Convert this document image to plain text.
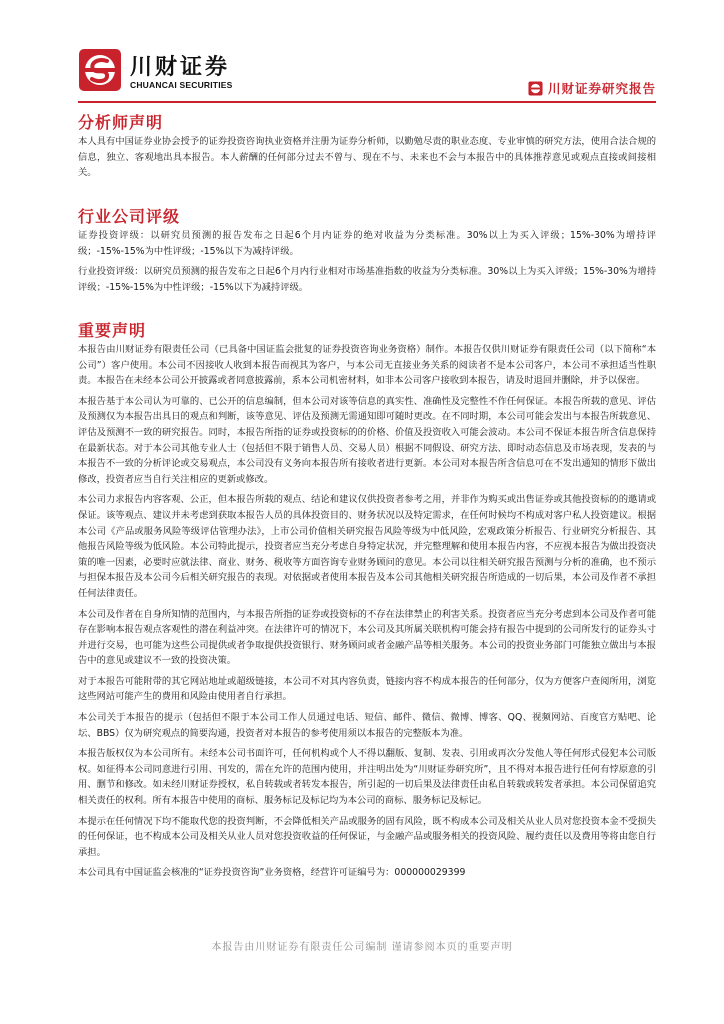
川财证券
CHUANCAI SECURITIES	川财证券研究报告
分析师声明

本人具有中国证券业协会授予的证券投资咨询执业资格并注册为证券分析师，以勤勉尽责的职业态度、专业审慎的研究方法，使用合法合规的信息，独立、客观地出具本报告。本人薪酬的任何部分过去不曾与、现在不与、未来也不会与本报告中的具体推荐意见或观点直接或间接相关。

行业公司评级

证券投资评级：以研究员预测的报告发布之日起6个月内证券的绝对收益为分类标准。30%以上为买入评级；15%-30%为增持评级；-15%-15%为中性评级；-15%以下为减持评级。

行业投资评级：以研究员预测的报告发布之日起6个月内行业相对市场基准指数的收益为分类标准。30%以上为买入评级；15%-30%为增持评级；-15%-15%为中性评级；-15%以下为减持评级。

重要声明

本报告由川财证券有限责任公司（已具备中国证监会批复的证券投资咨询业务资格）制作。本报告仅供川财证券有限责任公司（以下简称“本公司”）客户使用。本公司不因接收人收到本报告而视其为客户，与本公司无直接业务关系的阅读者不是本公司客户，本公司不承担适当性职责。本报告在未经本公司公开披露或者同意披露前，系本公司机密材料，如非本公司客户接收到本报告，请及时退回并删除，并予以保密。

本报告基于本公司认为可靠的、已公开的信息编制，但本公司对该等信息的真实性、准确性及完整性不作任何保证。本报告所载的意见、评估及预测仅为本报告出具日的观点和判断，该等意见、评估及预测无需通知即可随时更改。在不同时期，本公司可能会发出与本报告所载意见、评估及预测不一致的研究报告。同时，本报告所指的证券或投资标的的价格、价值及投资收入可能会波动。本公司不保证本报告所含信息保持在最新状态。对于本公司其他专业人士（包括但不限于销售人员、交易人员）根据不同假设、研究方法、即时动态信息及市场表现，发表的与本报告不一致的分析评论或交易观点，本公司没有义务向本报告所有接收者进行更新。本公司对本报告所含信息可在不发出通知的情形下做出修改，投资者应当自行关注相应的更新或修改。

本公司力求报告内容客观、公正，但本报告所载的观点、结论和建议仅供投资者参考之用，并非作为购买或出售证券或其他投资标的的邀请或保证。该等观点、建议并未考虑到获取本报告人员的具体投资目的、财务状况以及特定需求，在任何时候均不构成对客户私人投资建议。根据本公司《产品或服务风险等级评估管理办法》，上市公司价值相关研究报告风险等级为中低风险，宏观政策分析报告、行业研究分析报告、其他报告风险等级为低风险。本公司特此提示，投资者应当充分考虑自身特定状况，并完整理解和使用本报告内容，不应视本报告为做出投资决策的唯一因素，必要时应就法律、商业、财务、税收等方面咨询专业财务顾问的意见。本公司以往相关研究报告预测与分析的准确，也不预示与担保本报告及本公司今后相关研究报告的表现。对依据或者使用本报告及本公司其他相关研究报告所造成的一切后果，本公司及作者不承担任何法律责任。

本公司及作者在自身所知情的范围内，与本报告所指的证券或投资标的不存在法律禁止的利害关系。投资者应当充分考虑到本公司及作者可能存在影响本报告观点客观性的潜在利益冲突。在法律许可的情况下，本公司及其所属关联机构可能会持有报告中提到的公司所发行的证券头寸并进行交易，也可能为这些公司提供或者争取提供投资银行、财务顾问或者金融产品等相关服务。本公司的投资业务部门可能独立做出与本报告中的意见或建议不一致的投资决策。

对于本报告可能附带的其它网站地址或超级链接，本公司不对其内容负责，链接内容不构成本报告的任何部分，仅为方便客户查阅所用，浏览这些网站可能产生的费用和风险由使用者自行承担。

本公司关于本报告的提示（包括但不限于本公司工作人员通过电话、短信、邮件、微信、微博、博客、QQ、视频网站、百度官方贴吧、论坛、BBS）仅为研究观点的简要沟通，投资者对本报告的参考使用须以本报告的完整版本为准。

本报告版权仅为本公司所有。未经本公司书面许可，任何机构或个人不得以翻版、复制、发表、引用或再次分发他人等任何形式侵犯本公司版权。如征得本公司同意进行引用、刊发的，需在允许的范围内使用，并注明出处为“川财证券研究所”，且不得对本报告进行任何有悖原意的引用、删节和修改。如未经川财证券授权，私自转载或者转发本报告，所引起的一切后果及法律责任由私自转载或转发者承担。本公司保留追究相关责任的权利。所有本报告中使用的商标、服务标记及标记均为本公司的商标、服务标记及标记。

本提示在任何情况下均不能取代您的投资判断，不会降低相关产品或服务的固有风险，既不构成本公司及相关从业人员对您投资本金不受损失的任何保证，也不构成本公司及相关从业人员对您投资收益的任何保证，与金融产品或服务相关的投资风险、履约责任以及费用等将由您自行承担。

本公司具有中国证监会核准的“证券投资咨询”业务资格，经营许可证编号为：000000029399

本报告由川财证券有限责任公司编制 谨请参阅本页的重要声明
